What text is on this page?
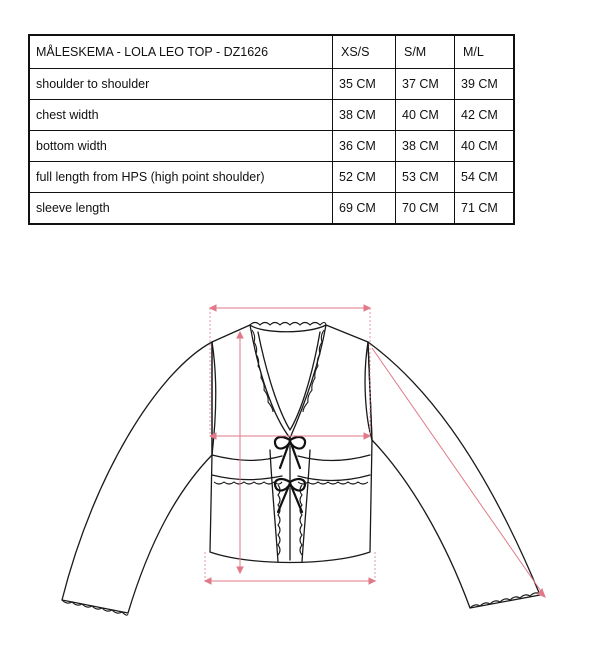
MÅLESKEMA - LOLA LEO TOP - DZ1626	XS/S	S/M	M/L
shoulder to shoulder	35 CM	37 CM	39 CM
chest width	38 CM	40 CM	42 CM
bottom width	36 CM	38 CM	40 CM
full length from HPS (high point shoulder)	52 CM	53 CM	54 CM
sleeve length	69 CM	70 CM	71 CM
